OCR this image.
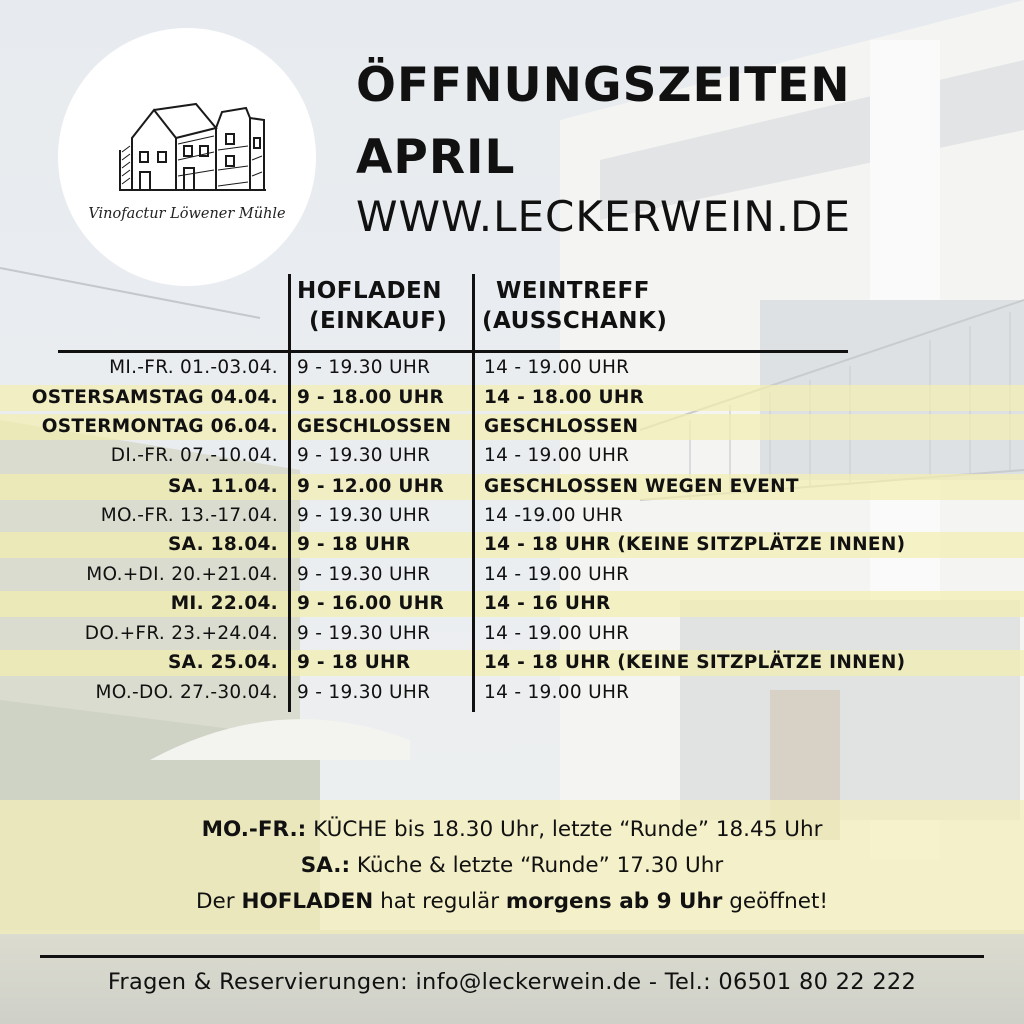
Vinofactur Löwener Mühle
ÖFFNUNGSZEITEN
APRIL
WWW.LECKERWEIN.DE
HOFLADEN
(EINKAUF)
WEINTREFF
(AUSSCHANK)
MI.-FR. 01.-03.04. 9 - 19.30 UHR	14 - 19.00 UHR
OSTERSAMSTAG 04.04. 9 - 18.00 UHR 14 - 18.00 UHR
OSTERMONTAG 06.04. GESCHLOSSEN GESCHLOSSEN
DI.-FR. 07.-10.04. 9 - 19.30 UHR	14 - 19.00 UHR
SA. 11.04. 9 - 12.00 UHR GESCHLOSSEN WEGEN EVENT
MO.-FR. 13.-17.04. 9 - 19.30 UHR	14 -19.00 UHR
SA. 18.04. 9 - 18 UHR	14 - 18 UHR (KEINE SITZPLÄTZE INNEN)
MO.+DI. 20.+21.04. 9 - 19.30 UHR	14 - 19.00 UHR
MI. 22.04. 9 - 16.00 UHR 14 - 16 UHR
DO.+FR. 23.+24.04. 9 - 19.30 UHR	14 - 19.00 UHR
SA. 25.04. 9 - 18 UHR	14 - 18 UHR (KEINE SITZPLÄTZE INNEN)
MO.-DO. 27.-30.04. 9 - 19.30 UHR	14 - 19.00 UHR
MO.-FR.: KÜCHE bis 18.30 Uhr, letzte “Runde” 18.45 Uhr
SA.: Küche & letzte “Runde” 17.30 Uhr
Der HOFLADEN hat regulär morgens ab 9 Uhr geöffnet!
Fragen & Reservierungen: info@leckerwein.de - Tel.: 06501 80 22 222
